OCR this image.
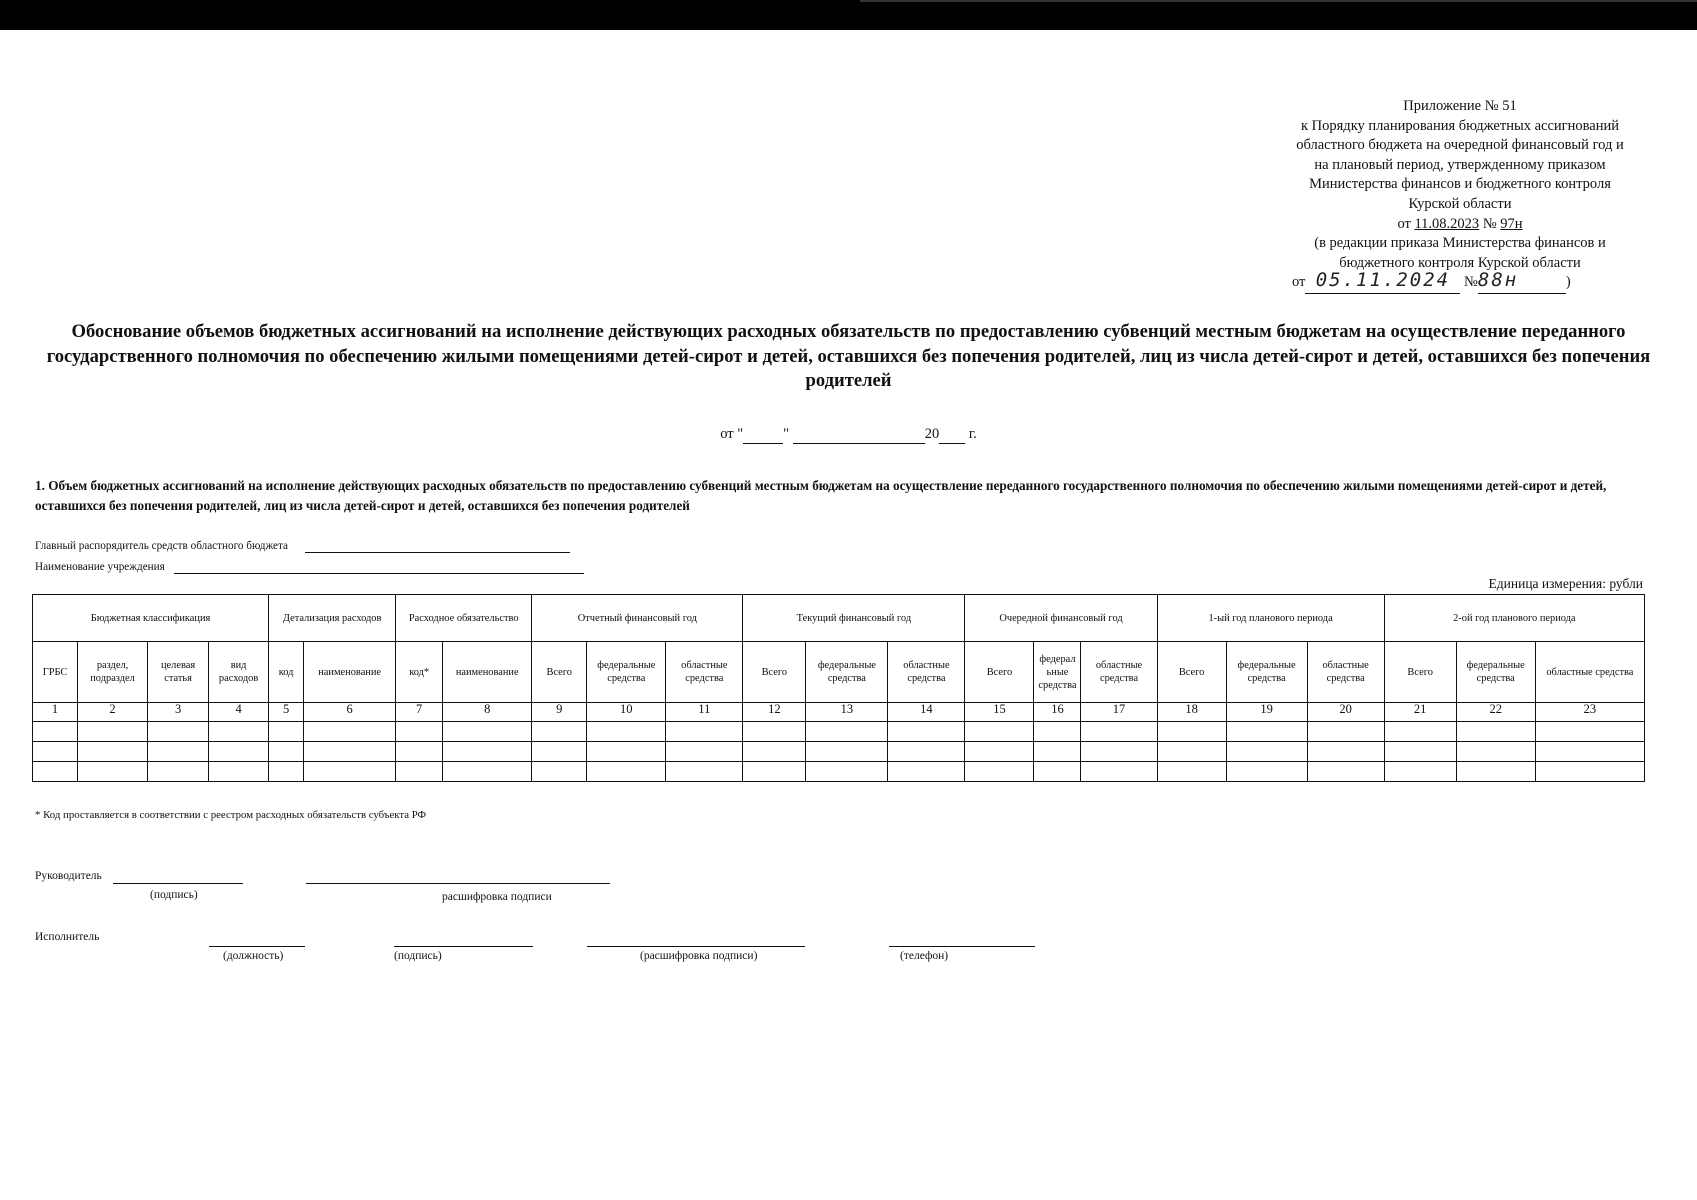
Приложение № 51
к Порядку планирования бюджетных ассигнований
областного бюджета на очередной финансовый год и
на плановый период, утвержденному приказом
Министерства финансов и бюджетного контроля
Курской области
от 11.08.2023 № 97н
(в редакции приказа Министерства финансов и
бюджетного контроля Курской области
от 05.11.2024 №88н	)
Обоснование объемов бюджетных ассигнований на исполнение действующих расходных обязательств по предоставлению субвенций местным бюджетам на осуществление переданного государственного полномочия по обеспечению жилыми помещениями детей-сирот и детей, оставшихся без попечения родителей, лиц из числа детей-сирот и детей, оставшихся без попечения родителей
от "	"	20 г.
1. Объем бюджетных ассигнований на исполнение действующих расходных обязательств по предоставлению субвенций местным бюджетам на осуществление переданного государственного полномочия по обеспечению жилыми помещениями детей-сирот и детей, оставшихся без попечения родителей, лиц из числа детей-сирот и детей, оставшихся без попечения родителей
Главный распорядитель средств областного бюджета
Наименование учреждения
Единица измерения: рубли
Бюджетная классификация				Детализация расходов		Расходное обязательство		Отчетный финансовый год			Текущий финансовый год			Очередной финансовый год			1-ый год планового периода			2-ой год планового периода		
ГРБС	раздел, подраздел	целевая статья	вид расходов	код	наименование	код*	наименование	Всего	федеральные средства	областные средства	Всего	федеральные средства	областные средства	Всего	федерал ьные средства	областные средства	Всего	федеральные средства	областные средства	Всего	федеральные средства	областные средства
1	2	3	4	5	6	7	8	9	10	11	12	13	14	15	16	17	18	19	20	21	22	23

* Код проставляется в соответствии с реестром расходных обязательств субъекта РФ
Руководитель
(подпись)	расшифровка подписи
Исполнитель
(должность)	(подпись)	(расшифровка подписи)	(телефон)
